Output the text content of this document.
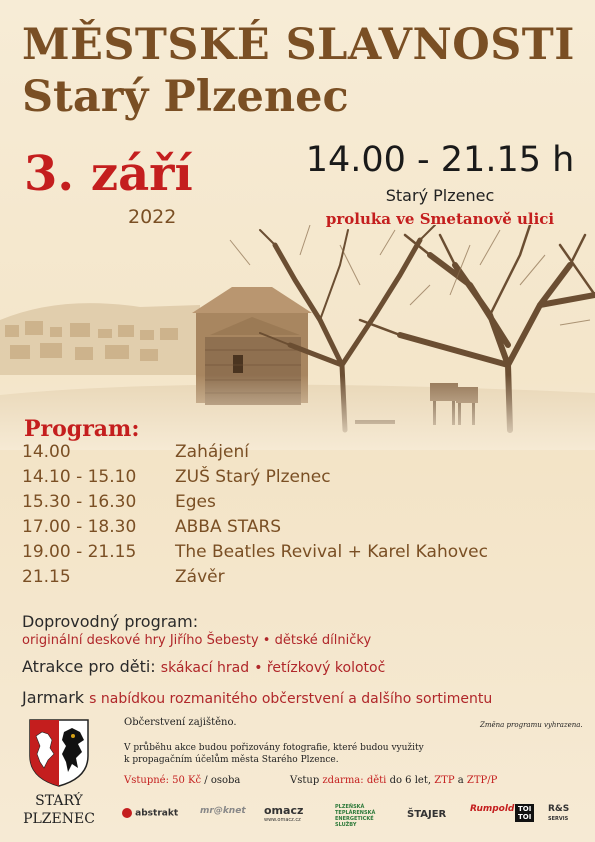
MĚSTSKÉ SLAVNOSTI
Starý Plzenec
3. září
2022
14.00 - 21.15 h
Starý Plzenec
proluka ve Smetanově ulici
Program:
14.00	Zahájení
14.10 - 15.10	ZUŠ Starý Plzenec
15.30 - 16.30	Eges
17.00 - 18.30	ABBA STARS
19.00 - 21.15	The Beatles Revival + Karel Kahovec
21.15	Závěr
Doprovodný program:
originální deskové hry Jiřího Šebesty • dětské dílničky
Atrakce pro děti: skákací hrad • řetízkový kolotoč
Jarmark s nabídkou rozmanitého občerstvení a dalšího sortimentu
STARÝ
PLZENEC
Občerstvení zajištěno.	Změna programu vyhrazena.
V průběhu akce budou pořizovány fotografie, které budou využity
k propagačním účelům města Starého Plzence.
Vstupné: 50 Kč / osoba	Vstup zdarma: děti do 6 let, ZTP a ZTP/P
abstrakt mr@knet omacz
www.omacz.cz
PLZEŇSKÁ
TEPLÁRENSKÁ
ENERGETICKÉ
SLUŽBY
ŠTAJER	Rumpold TOI
TOI
R&S
SERVIS
